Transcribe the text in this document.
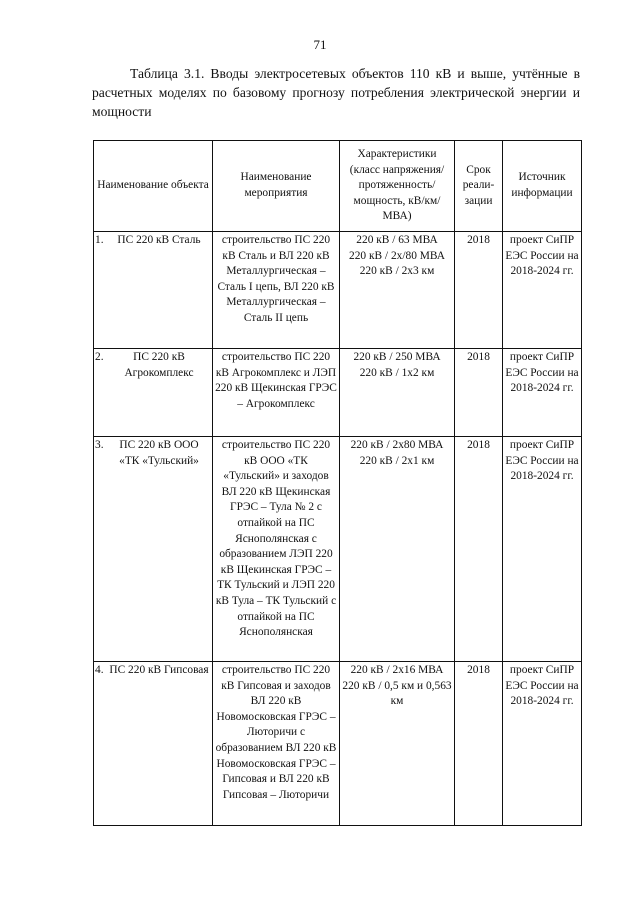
71
Таблица 3.1. Вводы электросетевых объектов 110 кВ и выше, учтённые в расчетных моделях по базовому прогнозу потребления электрической энергии и мощности
Наименование объекта	Наименование мероприятия	Характеристики (класс напряжения/ протяженность/ мощность, кВ/км/МВА)	Срок реали-зации	Источник информации

1. ПС 220 кВ Сталь	строительство ПС 220 кВ Сталь и ВЛ 220 кВ Металлургическая – Сталь I цепь, ВЛ 220 кВ Металлургическая – Сталь II цепь	220 кВ / 63 МВА
220 кВ / 2х/80 МВА
220 кВ / 2х3 км	2018	проект СиПР ЕЭС России на 2018-2024 гг.

2. ПС 220 кВ Агрокомплекс	строительство ПС 220 кВ Агрокомплекс и ЛЭП 220 кВ Щекинская ГРЭС – Агрокомплекс	220 кВ / 250 МВА
220 кВ / 1х2 км	2018	проект СиПР ЕЭС России на 2018-2024 гг.

3. ПС 220 кВ ООО «ТК «Тульский»	строительство ПС 220 кВ ООО «ТК «Тульский» и заходов ВЛ 220 кВ Щекинская ГРЭС – Тула № 2 с отпайкой на ПС Яснополянская с образованием ЛЭП 220 кВ Щекинская ГРЭС – ТК Тульский и ЛЭП 220 кВ Тула – ТК Тульский с отпайкой на ПС Яснополянская	220 кВ / 2х80 МВА
220 кВ / 2х1 км	2018	проект СиПР ЕЭС России на 2018-2024 гг.

4. ПС 220 кВ Гипсовая	строительство ПС 220 кВ Гипсовая и заходов ВЛ 220 кВ Новомосковская ГРЭС – Люторичи с образованием ВЛ 220 кВ Новомосковская ГРЭС – Гипсовая и ВЛ 220 кВ Гипсовая – Люторичи	220 кВ / 2х16 МВА
220 кВ / 0,5 км и 0,563 км	2018	проект СиПР ЕЭС России на 2018-2024 гг.
